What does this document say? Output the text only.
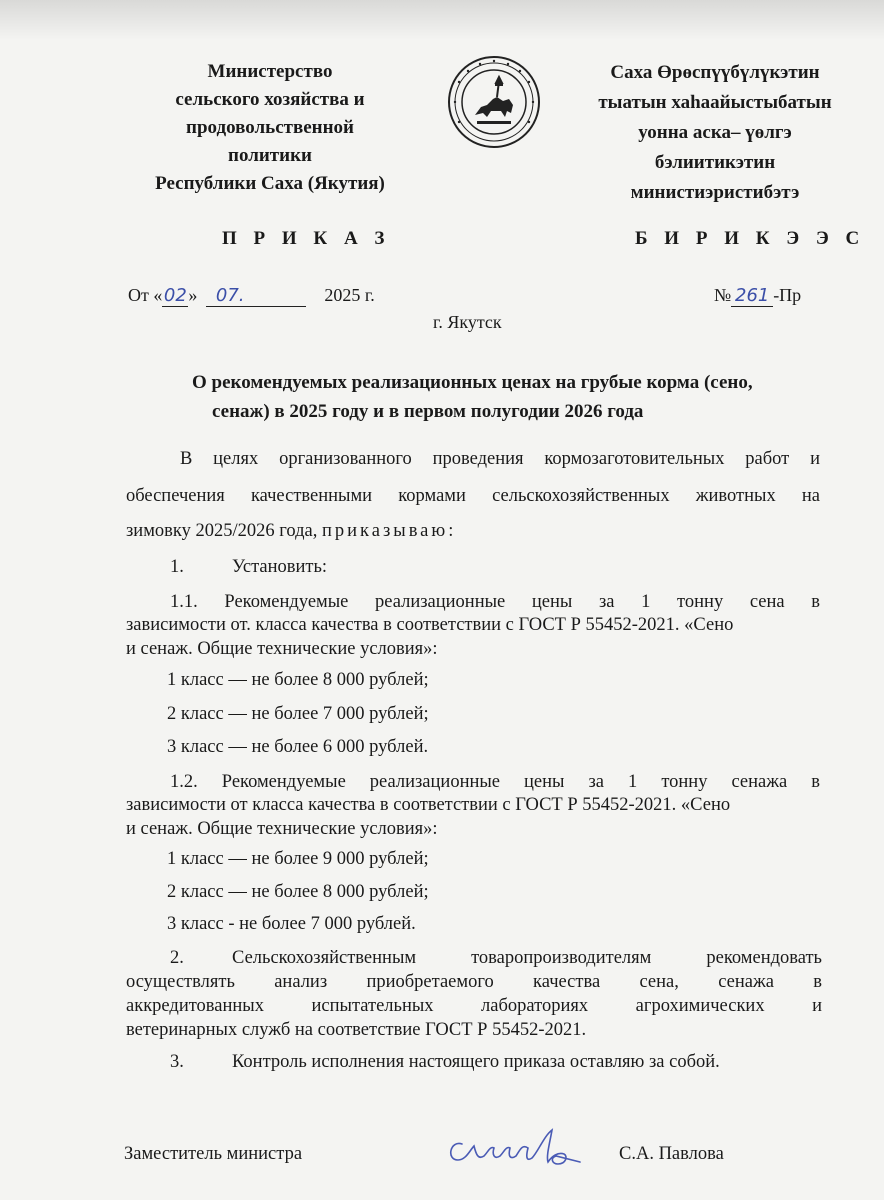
Министерство
сельского хозяйства и
продовольственной
политики
Республики Саха (Якутия)
Саха Өрөспүүбүлүкэтин
тыатын хаһаайыстыбатын
уонна аска– үөлгэ
бэлиитикэтин
министиэристибэтэ
П Р И К А З	Б И Р И К Э Э С
От «02» 07.	2025 г.	№ 261 -Пр
г. Якутск
О рекомендуемых реализационных ценах на грубые корма (сено,
сенаж) в 2025 году и в первом полугодии 2026 года
В целях организованного проведения кормозаготовительных работ и
обеспечения качественными кормами сельскохозяйственных животных на
зимовку 2025/2026 года, приказываю:
1.	Установить:
1.1. Рекомендуемые реализационные цены за 1 тонну сена в
зависимости от. класса качества в соответствии с ГОСТ Р 55452-2021. «Сено
и сенаж. Общие технические условия»:
1 класс — не более 8 000 рублей;
2 класс — не более 7 000 рублей;
3 класс — не более 6 000 рублей.
1.2. Рекомендуемые реализационные цены за 1 тонну сенажа в
зависимости от класса качества в соответствии с ГОСТ Р 55452-2021. «Сено
и сенаж. Общие технические условия»:
1 класс — не более 9 000 рублей;
2 класс — не более 8 000 рублей;
3 класс - не более 7 000 рублей.
2.	Сельскохозяйственным товаропроизводителям рекомендовать
осуществлять анализ приобретаемого качества сена, сенажа в
аккредитованных испытательных лабораториях агрохимических и
ветеринарных служб на соответствие ГОСТ Р 55452-2021.
3.	Контроль исполнения настоящего приказа оставляю за собой.
Заместитель министра	С.А. Павлова
